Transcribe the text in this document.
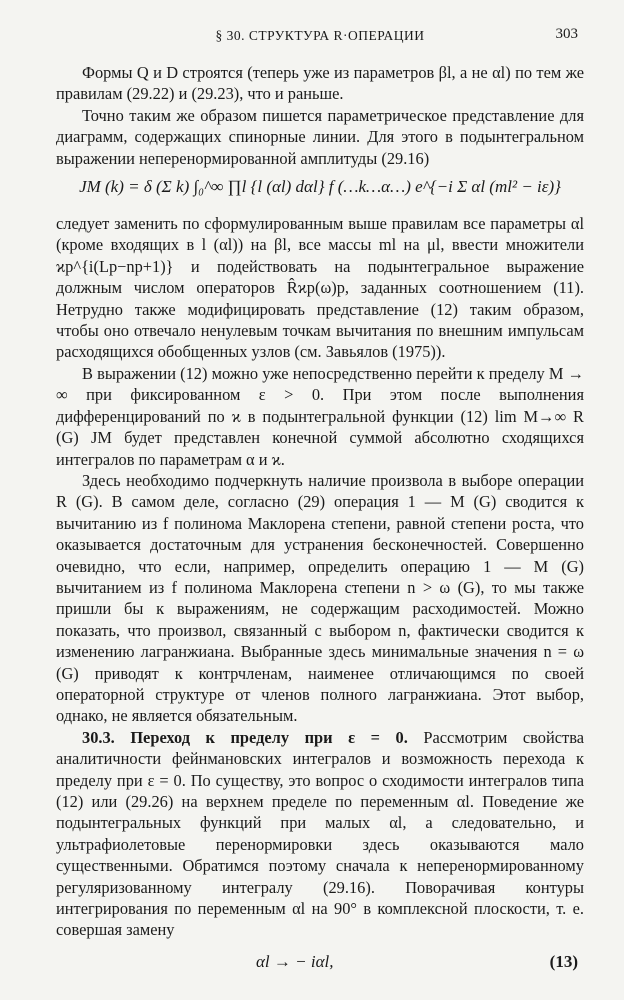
§ 30. СТРУКТУРА R·ОПЕРАЦИИ	303

Формы Q и D строятся (теперь уже из параметров βl, а не αl) по тем же правилам (29.22) и (29.23), что и раньше.

Точно таким же образом пишется параметрическое представление для диаграмм, содержащих спинорные линии. Для этого в подынтегральном выражении неперенормированной амплитуды (29.16)

JM (k) = δ (Σ k) ∫₀^∞ ∏l {l (αl) dαl} f (…k…α…) e^{−i Σ αl (ml² − iε)}

следует заменить по сформулированным выше правилам все параметры αl (кроме входящих в l (αl)) на βl, все массы ml на μl, ввести множители ϰp^{i(Lp−np+1)} и подействовать на подынтегральное выражение должным числом операторов R̂ϰp(ω)p, заданных соотношением (11). Нетрудно также модифицировать представление (12) таким образом, чтобы оно отвечало ненулевым точкам вычитания по внешним импульсам расходящихся обобщенных узлов (см. Завьялов (1975)).

В выражении (12) можно уже непосредственно перейти к пределу M → ∞ при фиксированном ε > 0. При этом после выполнения дифференцирований по ϰ в подынтегральной функции (12) lim M→∞ R (G) JM будет представлен конечной суммой абсолютно сходящихся интегралов по параметрам α и ϰ.

Здесь необходимо подчеркнуть наличие произвола в выборе операции R (G). В самом деле, согласно (29) операция 1 — M (G) сводится к вычитанию из f полинома Маклорена степени, равной степени роста, что оказывается достаточным для устранения бесконечностей. Совершенно очевидно, что если, например, определить операцию 1 — M (G) вычитанием из f полинома Маклорена степени n > ω (G), то мы также пришли бы к выражениям, не содержащим расходимостей. Можно показать, что произвол, связанный с выбором n, фактически сводится к изменению лагранжиана. Выбранные здесь минимальные значения n = ω (G) приводят к контрчленам, наименее отличающимся по своей операторной структуре от членов полного лагранжиана. Этот выбор, однако, не является обязательным.

30.3. Переход к пределу при ε = 0. Рассмотрим свойства аналитичности фейнмановских интегралов и возможность перехода к пределу при ε = 0. По существу, это вопрос о сходимости интегралов типа (12) или (29.26) на верхнем пределе по переменным αl. Поведение же подынтегральных функций при малых αl, а следовательно, и ультрафиолетовые перенормировки здесь оказываются мало существенными. Обратимся поэтому сначала к неперенормированному регуляризованному интегралу (29.16). Поворачивая контуры интегрирования по переменным αl на 90° в комплексной плоскости, т. е. совершая замену

αl → − iαl,	(13)
